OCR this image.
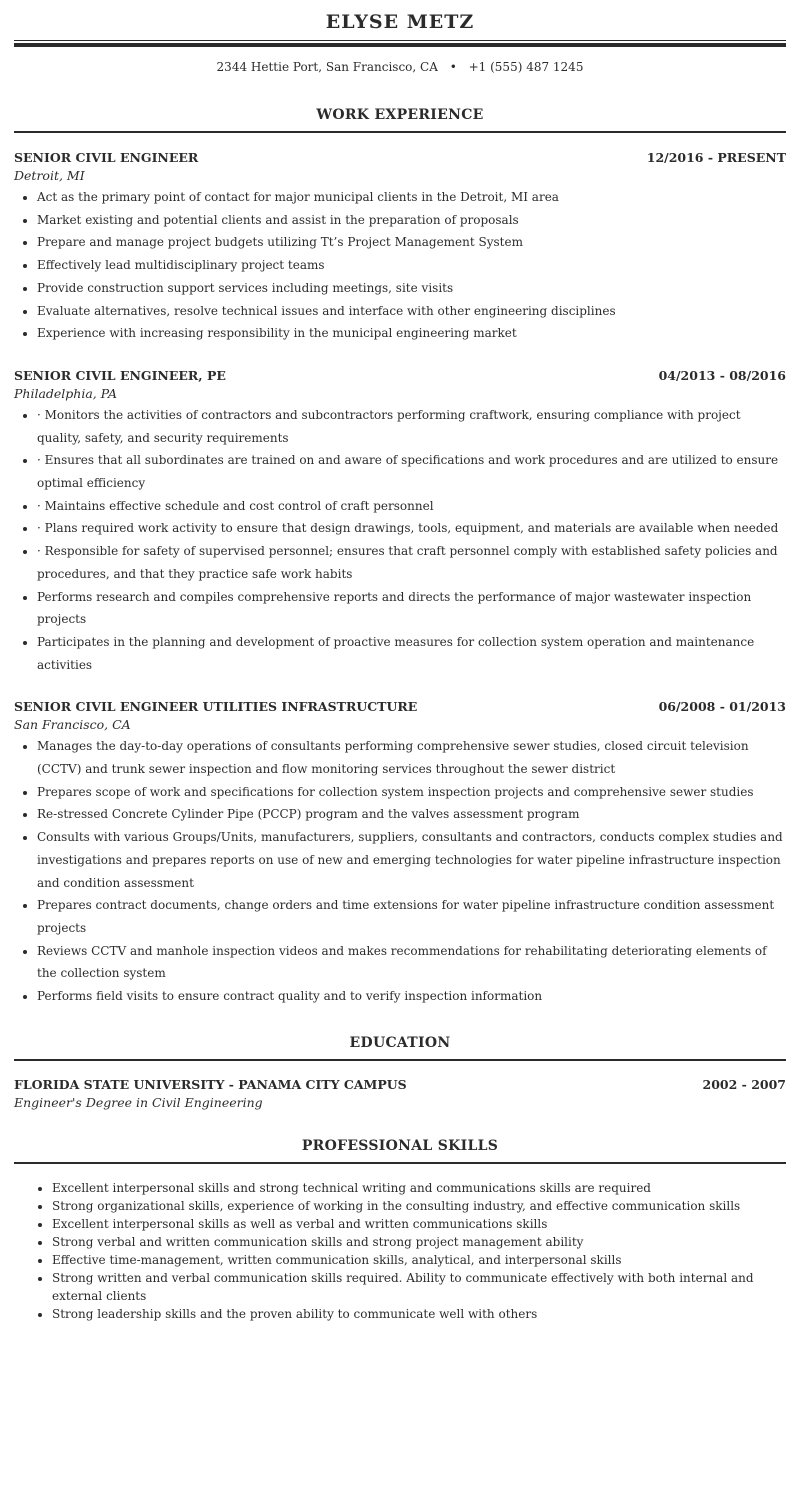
ELYSE METZ
2344 Hettie Port, San Francisco, CA • +1 (555) 487 1245
WORK EXPERIENCE
SENIOR CIVIL ENGINEER	12/2016 - PRESENT
Detroit, MI
• Act as the primary point of contact for major municipal clients in the Detroit, MI area
• Market existing and potential clients and assist in the preparation of proposals
• Prepare and manage project budgets utilizing Tt’s Project Management System
• Effectively lead multidisciplinary project teams
• Provide construction support services including meetings, site visits
• Evaluate alternatives, resolve technical issues and interface with other engineering disciplines
• Experience with increasing responsibility in the municipal engineering market
SENIOR CIVIL ENGINEER, PE	04/2013 - 08/2016
Philadelphia, PA
• · Monitors the activities of contractors and subcontractors performing craftwork, ensuring compliance with project quality, safety, and security requirements
• · Ensures that all subordinates are trained on and aware of specifications and work procedures and are utilized to ensure optimal efficiency
• · Maintains effective schedule and cost control of craft personnel
• · Plans required work activity to ensure that design drawings, tools, equipment, and materials are available when needed
• · Responsible for safety of supervised personnel; ensures that craft personnel comply with established safety policies and procedures, and that they practice safe work habits
• Performs research and compiles comprehensive reports and directs the performance of major wastewater inspection projects
• Participates in the planning and development of proactive measures for collection system operation and maintenance activities
SENIOR CIVIL ENGINEER UTILITIES INFRASTRUCTURE	06/2008 - 01/2013
San Francisco, CA
• Manages the day-to-day operations of consultants performing comprehensive sewer studies, closed circuit television (CCTV) and trunk sewer inspection and flow monitoring services throughout the sewer district
• Prepares scope of work and specifications for collection system inspection projects and comprehensive sewer studies
• Re-stressed Concrete Cylinder Pipe (PCCP) program and the valves assessment program
• Consults with various Groups/Units, manufacturers, suppliers, consultants and contractors, conducts complex studies and investigations and prepares reports on use of new and emerging technologies for water pipeline infrastructure inspection and condition assessment
• Prepares contract documents, change orders and time extensions for water pipeline infrastructure condition assessment projects
• Reviews CCTV and manhole inspection videos and makes recommendations for rehabilitating deteriorating elements of the collection system
• Performs field visits to ensure contract quality and to verify inspection information
EDUCATION
FLORIDA STATE UNIVERSITY - PANAMA CITY CAMPUS	2002 - 2007
Engineer's Degree in Civil Engineering
PROFESSIONAL SKILLS
• Excellent interpersonal skills and strong technical writing and communications skills are required
• Strong organizational skills, experience of working in the consulting industry, and effective communication skills
• Excellent interpersonal skills as well as verbal and written communications skills
• Strong verbal and written communication skills and strong project management ability
• Effective time-management, written communication skills, analytical, and interpersonal skills
• Strong written and verbal communication skills required. Ability to communicate effectively with both internal and external clients
• Strong leadership skills and the proven ability to communicate well with others
